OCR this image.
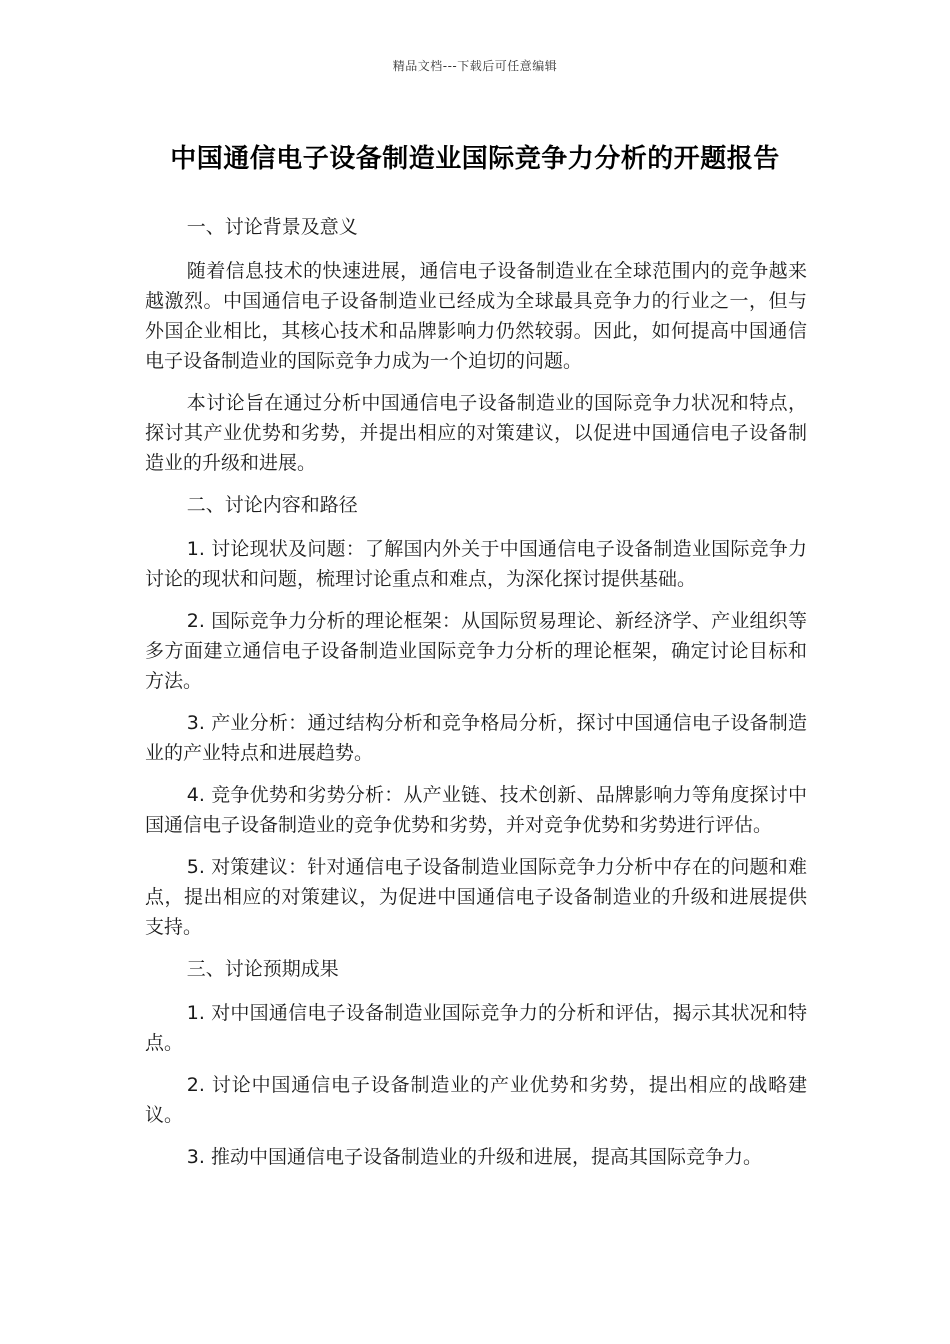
精品文档---下载后可任意编辑
中国通信电子设备制造业国际竞争力分析的开题报告

一、讨论背景及意义

随着信息技术的快速进展，通信电子设备制造业在全球范围内的竞争越来越激烈。中国通信电子设备制造业已经成为全球最具竞争力的行业之一，但与外国企业相比，其核心技术和品牌影响力仍然较弱。因此，如何提高中国通信电子设备制造业的国际竞争力成为一个迫切的问题。

本讨论旨在通过分析中国通信电子设备制造业的国际竞争力状况和特点，探讨其产业优势和劣势，并提出相应的对策建议，以促进中国通信电子设备制造业的升级和进展。

二、讨论内容和路径

1. 讨论现状及问题：了解国内外关于中国通信电子设备制造业国际竞争力讨论的现状和问题，梳理讨论重点和难点，为深化探讨提供基础。

2. 国际竞争力分析的理论框架：从国际贸易理论、新经济学、产业组织等多方面建立通信电子设备制造业国际竞争力分析的理论框架，确定讨论目标和方法。

3. 产业分析：通过结构分析和竞争格局分析，探讨中国通信电子设备制造业的产业特点和进展趋势。

4. 竞争优势和劣势分析：从产业链、技术创新、品牌影响力等角度探讨中国通信电子设备制造业的竞争优势和劣势，并对竞争优势和劣势进行评估。

5. 对策建议：针对通信电子设备制造业国际竞争力分析中存在的问题和难点，提出相应的对策建议，为促进中国通信电子设备制造业的升级和进展提供支持。

三、讨论预期成果

1. 对中国通信电子设备制造业国际竞争力的分析和评估，揭示其状况和特点。

2. 讨论中国通信电子设备制造业的产业优势和劣势，提出相应的战略建议。

3. 推动中国通信电子设备制造业的升级和进展，提高其国际竞争力。
